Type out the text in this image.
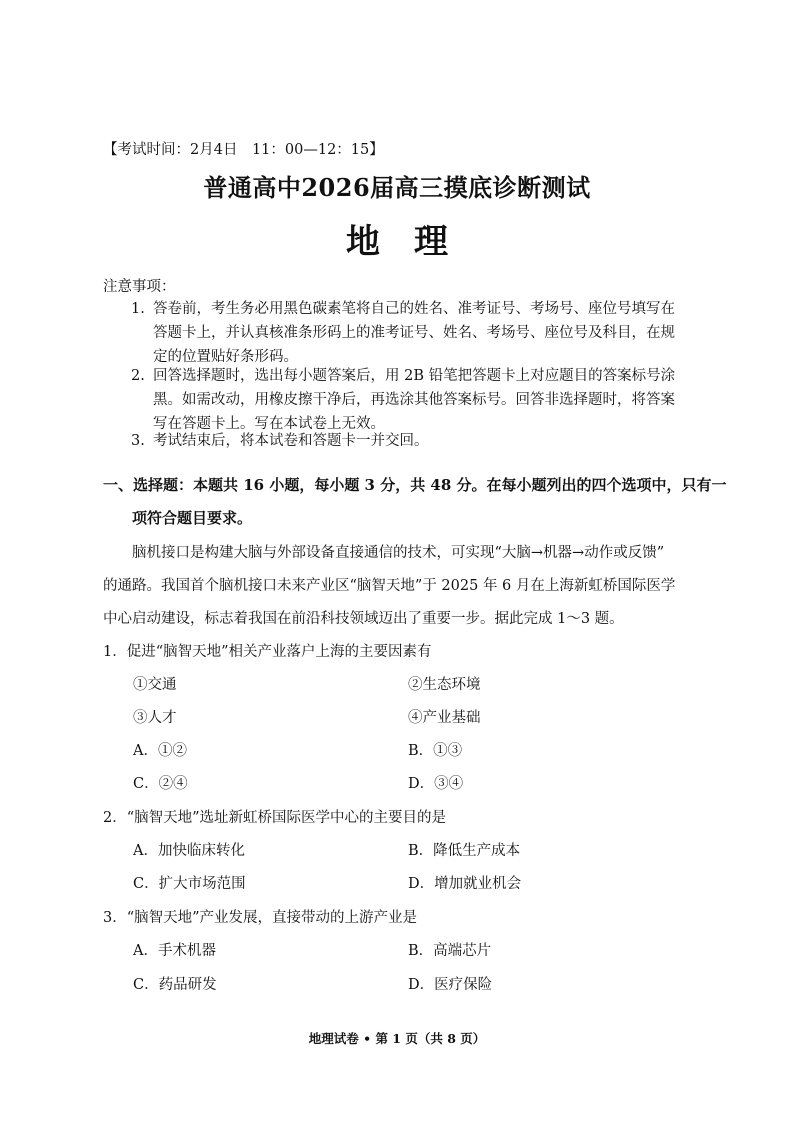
【考试时间：2月4日　11：00—12：15】
普通高中2026届高三摸底诊断测试
地理
注意事项：
1. 答卷前，考生务必用黑色碳素笔将自己的姓名、准考证号、考场号、座位号填写在
答题卡上，并认真核准条形码上的准考证号、姓名、考场号、座位号及科目，在规
定的位置贴好条形码。
2. 回答选择题时，选出每小题答案后，用 2B 铅笔把答题卡上对应题目的答案标号涂
黑。如需改动，用橡皮擦干净后，再选涂其他答案标号。回答非选择题时，将答案
写在答题卡上。写在本试卷上无效。
3. 考试结束后，将本试卷和答题卡一并交回。
一、选择题：本题共 16 小题，每小题 3 分，共 48 分。在每小题列出的四个选项中，只有一
项符合题目要求。
脑机接口是构建大脑与外部设备直接通信的技术，可实现“大脑→机器→动作或反馈”
的通路。我国首个脑机接口未来产业区“脑智天地”于 2025 年 6 月在上海新虹桥国际医学
中心启动建设，标志着我国在前沿科技领域迈出了重要一步。据此完成 1～3 题。
1．促进“脑智天地”相关产业落户上海的主要因素有
①交通	②生态环境
③人才	④产业基础
A．①②	B．①③
C．②④	D．③④
2．“脑智天地”选址新虹桥国际医学中心的主要目的是
A．加快临床转化	B．降低生产成本
C．扩大市场范围	D．增加就业机会
3．“脑智天地”产业发展，直接带动的上游产业是
A．手术机器	B．高端芯片
C．药品研发	D．医疗保险
地理试卷 • 第 1 页（共 8 页）
